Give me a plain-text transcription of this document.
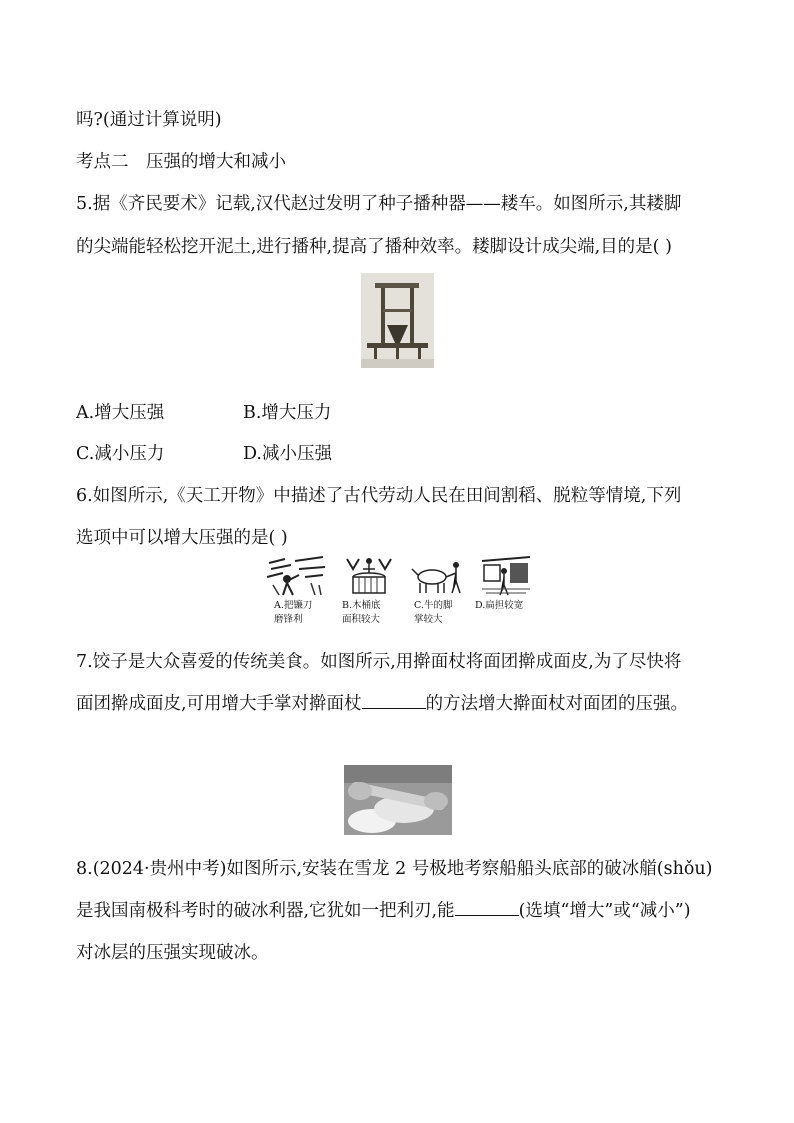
吗?(通过计算说明)
考点二　压强的增大和减小
5.据《齐民要术》记载,汉代赵过发明了种子播种器——耧车。如图所示,其耧脚
的尖端能轻松挖开泥土,进行播种,提高了播种效率。耧脚设计成尖端,目的是( )
A.增大压强	B.增大压力
C.减小压力	D.减小压强
6.如图所示,《天工开物》中描述了古代劳动人民在田间割稻、脱粒等情境,下列
选项中可以增大压强的是( )
A.把镰刀
磨锋利
B.木桶底
面积较大
C.牛的脚
掌较大
D.扁担较宽
7.饺子是大众喜爱的传统美食。如图所示,用擀面杖将面团擀成面皮,为了尽快将
面团擀成面皮,可用增大手掌对擀面杖	的方法增大擀面杖对面团的压强。
8.(2024·贵州中考)如图所示,安装在雪龙 2 号极地考察船船头底部的破冰艏(shǒu)
是我国南极科考时的破冰利器,它犹如一把利刃,能	(选填“增大”或“减小”)
对冰层的压强实现破冰。
